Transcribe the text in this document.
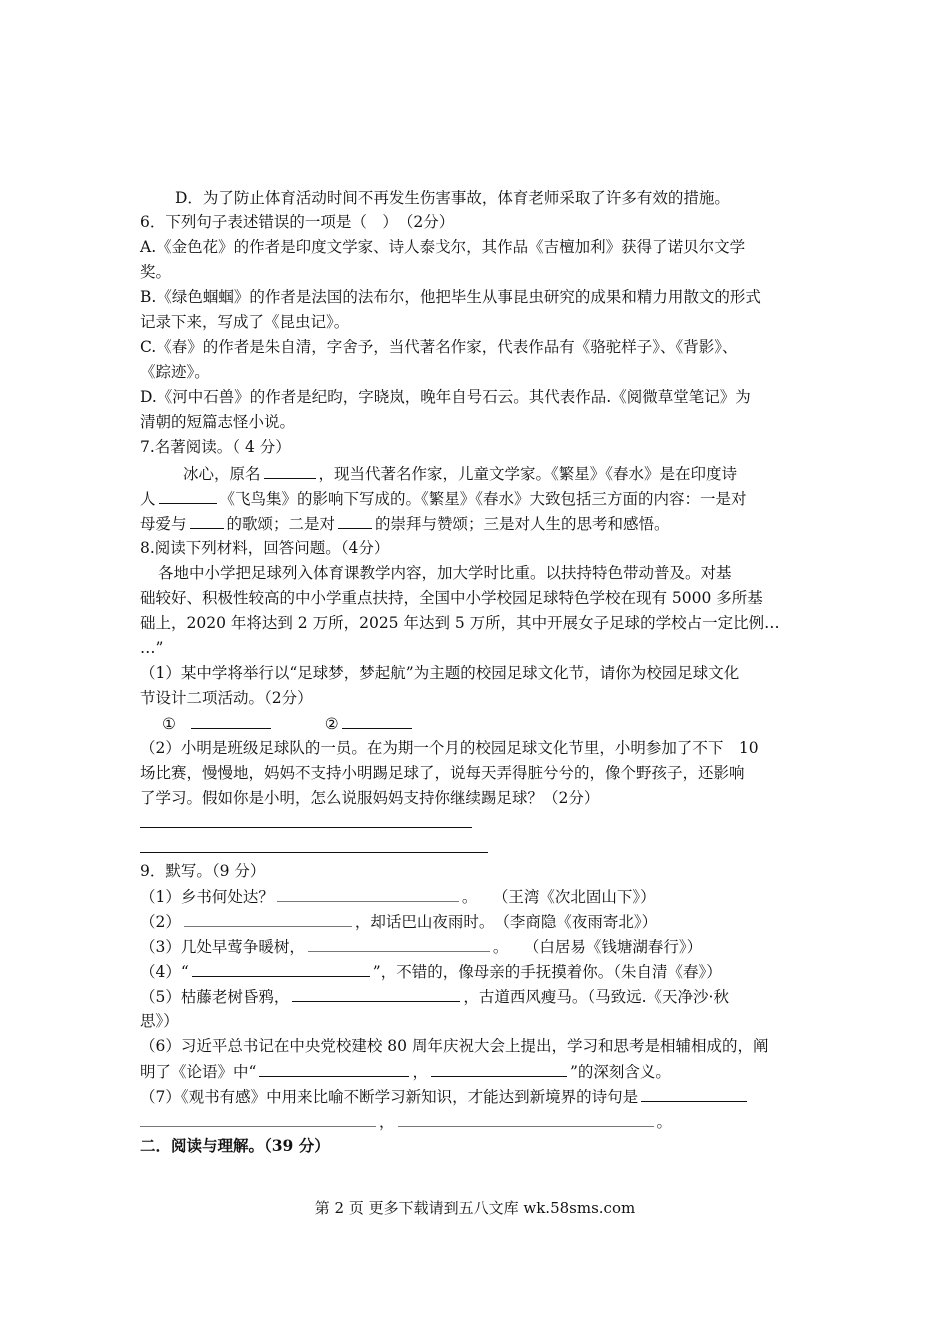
D．为了防止体育活动时间不再发生伤害事故，体育老师采取了许多有效的措施。
6．下列句子表述错误的一项是（　）　（2分）
A.《金色花》的作者是印度文学家、诗人泰戈尔，其作品《吉檀加利》获得了诺贝尔文学
奖。
B.《绿色蝈蝈》的作者是法国的法布尔，他把毕生从事昆虫研究的成果和精力用散文的形式
记录下来，写成了《昆虫记》。
C.《春》的作者是朱自清，字舍予，当代著名作家，代表作品有《骆驼样子》、《背影》、
《踪迹》。
D.《河中石兽》的作者是纪昀，字晓岚，晚年自号石云。其代表作品.《阅微草堂笔记》为
清朝的短篇志怪小说。
7.名著阅读。（ 4 分）
冰心，原名	，现当代著名作家，儿童文学家。《繁星》《春水》是在印度诗
人	《飞鸟集》的影响下写成的。《繁星》《春水》大致包括三方面的内容：一是对
母爱与	的歌颂；二是对	的崇拜与赞颂；三是对人生的思考和感悟。
8.阅读下列材料，回答问题。（4分）
各地中小学把足球列入体育课教学内容，加大学时比重。以扶持特色带动普及。对基
础较好、积极性较高的中小学重点扶持，全国中小学校园足球特色学校在现有 5000 多所基
础上，2020 年将达到 2 万所，2025 年达到 5 万所，其中开展女子足球的学校占一定比例…
…”
（1）某中学将举行以“足球梦，梦起航”为主题的校园足球文化节，请你为校园足球文化
节设计二项活动。（2分）
①	②
（2）小明是班级足球队的一员。在为期一个月的校园足球文化节里，小明参加了不下　10
场比赛，慢慢地，妈妈不支持小明踢足球了，说每天弄得脏兮兮的，像个野孩子，还影响
了学习。假如你是小明，怎么说服妈妈支持你继续踢足球？（2分）
9．默写。（9 分）
（1）乡书何处达？	。　　（王湾《次北固山下》）
（2）	，却话巴山夜雨时。　（李商隐《夜雨寄北》）
（3）几处早莺争暖树，	。　　（白居易《钱塘湖春行》）
（4）“	”，不错的，像母亲的手抚摸着你。（朱自清《春》）
（5）枯藤老树昏鸦，	，古道西风瘦马。（马致远.《天净沙·秋
思》）
（6）习近平总书记在中央党校建校 80 周年庆祝大会上提出，学习和思考是相辅相成的，阐
明了《论语》中“	，	”的深刻含义。
（7）《观书有感》中用来比喻不断学习新知识，才能达到新境界的诗句是
，	。
二．阅读与理解。（39 分）
第 2 页 更多下载请到五八文库 wk.58sms.com
